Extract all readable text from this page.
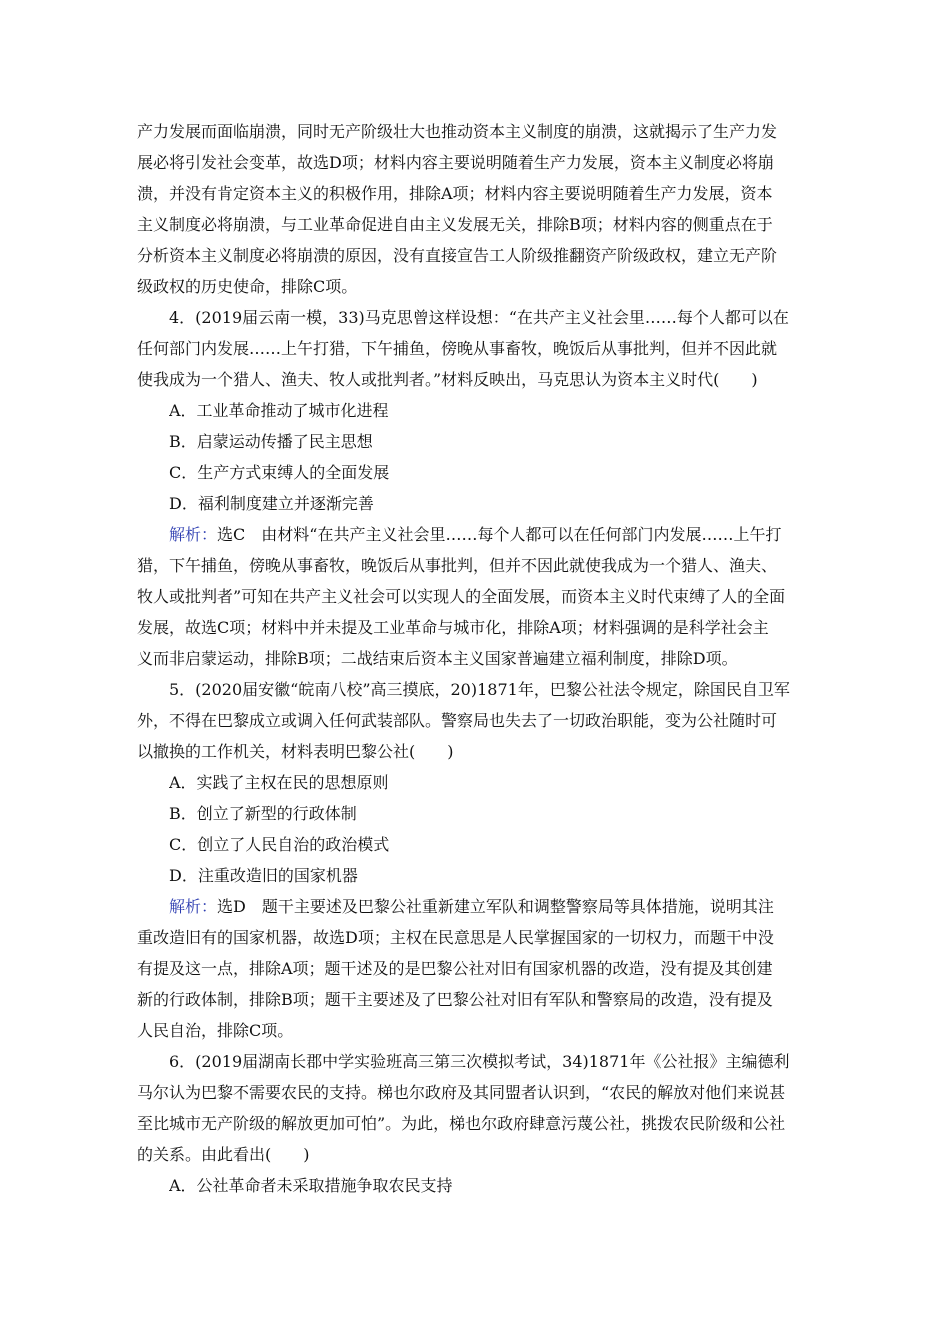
产力发展而面临崩溃，同时无产阶级壮大也推动资本主义制度的崩溃，这就揭示了生产力发
展必将引发社会变革，故选D项；材料内容主要说明随着生产力发展，资本主义制度必将崩
溃，并没有肯定资本主义的积极作用，排除A项；材料内容主要说明随着生产力发展，资本
主义制度必将崩溃，与工业革命促进自由主义发展无关，排除B项；材料内容的侧重点在于
分析资本主义制度必将崩溃的原因，没有直接宣告工人阶级推翻资产阶级政权，建立无产阶
级政权的历史使命，排除C项。
4．(2019届云南一模，33)马克思曾这样设想：“在共产主义社会里……每个人都可以在
任何部门内发展……上午打猎，下午捕鱼，傍晚从事畜牧，晚饭后从事批判，但并不因此就
使我成为一个猎人、渔夫、牧人或批判者。”材料反映出，马克思认为资本主义时代(　　)
A．工业革命推动了城市化进程
B．启蒙运动传播了民主思想
C．生产方式束缚人的全面发展
D．福利制度建立并逐渐完善
解析：选C　由材料“在共产主义社会里……每个人都可以在任何部门内发展……上午打
猎，下午捕鱼，傍晚从事畜牧，晚饭后从事批判，但并不因此就使我成为一个猎人、渔夫、
牧人或批判者”可知在共产主义社会可以实现人的全面发展，而资本主义时代束缚了人的全面
发展，故选C项；材料中并未提及工业革命与城市化，排除A项；材料强调的是科学社会主
义而非启蒙运动，排除B项；二战结束后资本主义国家普遍建立福利制度，排除D项。
5．(2020届安徽“皖南八校”高三摸底，20)1871年，巴黎公社法令规定，除国民自卫军
外，不得在巴黎成立或调入任何武装部队。警察局也失去了一切政治职能，变为公社随时可
以撤换的工作机关，材料表明巴黎公社(　　)
A．实践了主权在民的思想原则
B．创立了新型的行政体制
C．创立了人民自治的政治模式
D．注重改造旧的国家机器
解析：选D　题干主要述及巴黎公社重新建立军队和调整警察局等具体措施，说明其注
重改造旧有的国家机器，故选D项；主权在民意思是人民掌握国家的一切权力，而题干中没
有提及这一点，排除A项；题干述及的是巴黎公社对旧有国家机器的改造，没有提及其创建
新的行政体制，排除B项；题干主要述及了巴黎公社对旧有军队和警察局的改造，没有提及
人民自治，排除C项。
6．(2019届湖南长郡中学实验班高三第三次模拟考试，34)1871年《公社报》主编德利
马尔认为巴黎不需要农民的支持。梯也尔政府及其同盟者认识到，“农民的解放对他们来说甚
至比城市无产阶级的解放更加可怕”。为此，梯也尔政府肆意污蔑公社，挑拨农民阶级和公社
的关系。由此看出(　　)
A．公社革命者未采取措施争取农民支持
